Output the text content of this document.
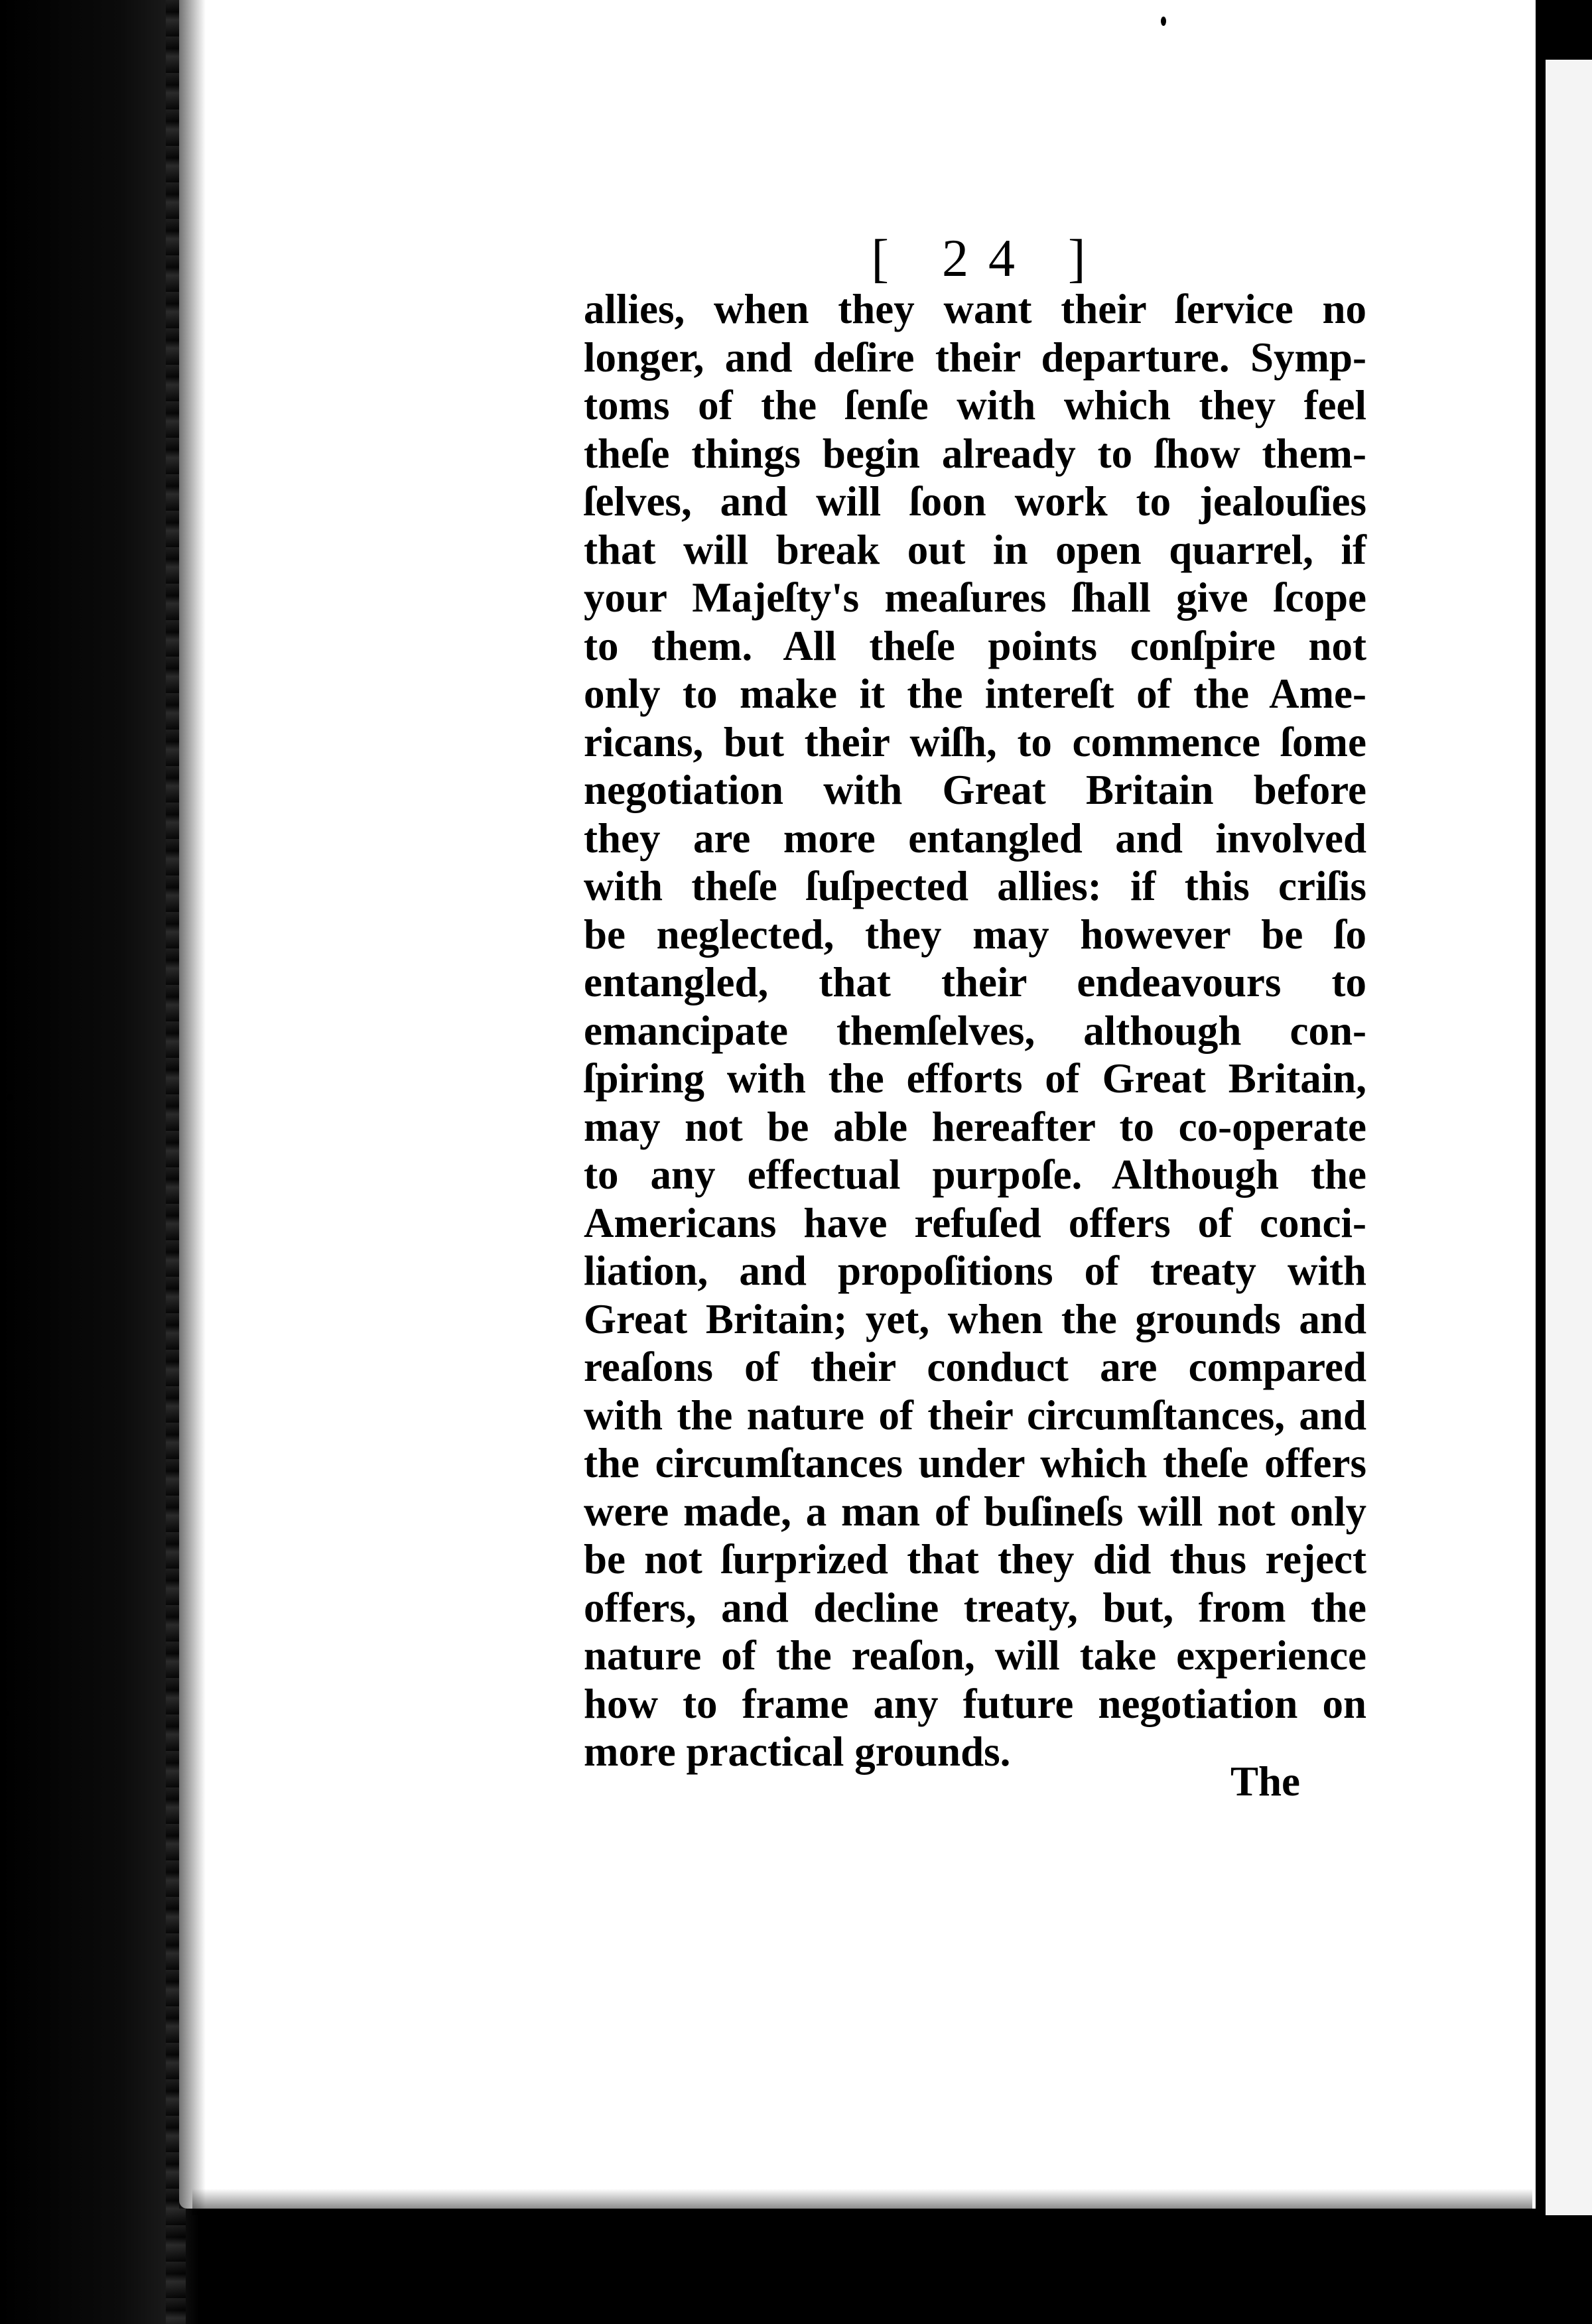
[ 24 ]
allies, when they want their ſervice no
longer, and deſire their departure. Symp-
toms of the ſenſe with which they feel
theſe things begin already to ſhow them-
ſelves, and will ſoon work to jealouſies
that will break out in open quarrel, if
your Majeſty's meaſures ſhall give ſcope
to them. All theſe points conſpire not
only to make it the intereſt of the Ame-
ricans, but their wiſh, to commence ſome
negotiation with Great Britain before
they are more entangled and involved
with theſe ſuſpected allies: if this criſis
be neglected, they may however be ſo
entangled, that their endeavours to
emancipate themſelves, although con-
ſpiring with the efforts of Great Britain,
may not be able hereafter to co-operate
to any effectual purpoſe. Although the
Americans have refuſed offers of conci-
liation, and propoſitions of treaty with
Great Britain; yet, when the grounds and
reaſons of their conduct are compared
with the nature of their circumſtances, and
the circumſtances under which theſe offers
were made, a man of buſineſs will not only
be not ſurprized that they did thus reject
offers, and decline treaty, but, from the
nature of the reaſon, will take experience
how to frame any future negotiation on
more practical grounds.
The
